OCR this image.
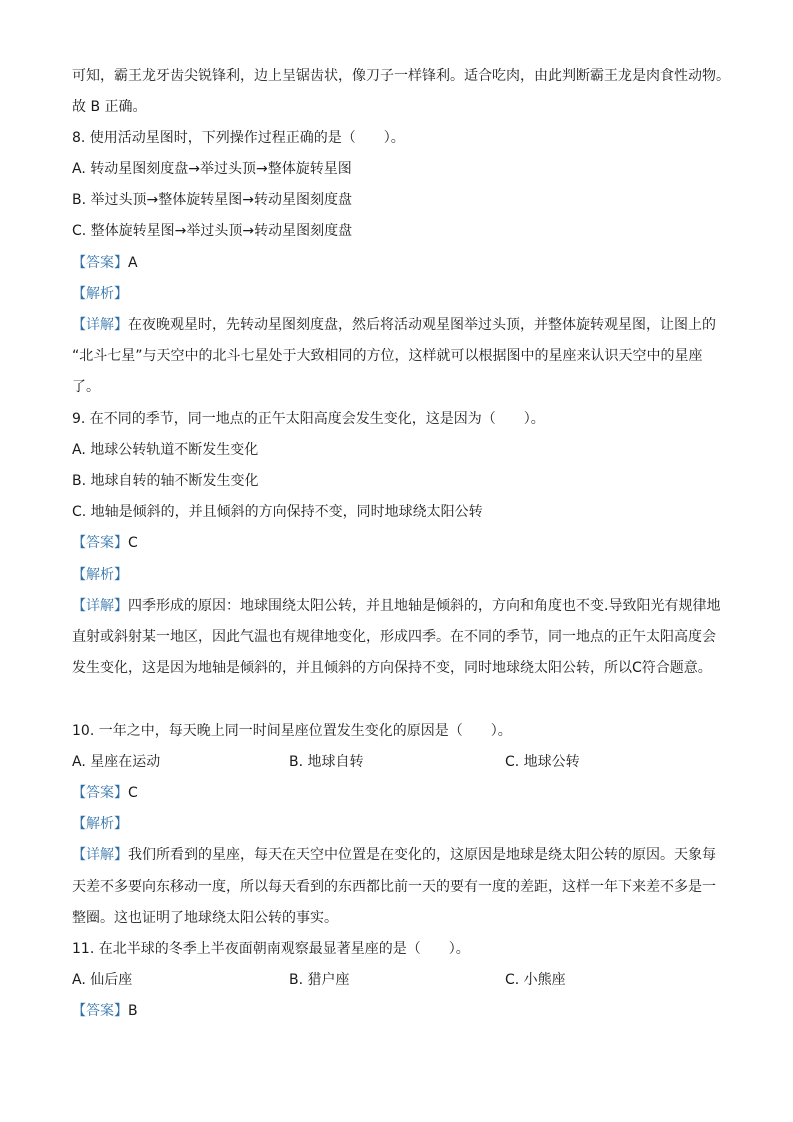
可知，霸王龙牙齿尖锐锋利，边上呈锯齿状，像刀子一样锋利。适合吃肉，由此判断霸王龙是肉食性动物。
故 B 正确。
8. 使用活动星图时，下列操作过程正确的是（　　）。
A. 转动星图刻度盘→举过头顶→整体旋转星图
B. 举过头顶→整体旋转星图→转动星图刻度盘
C. 整体旋转星图→举过头顶→转动星图刻度盘
【答案】A
【解析】
【详解】在夜晚观星时，先转动星图刻度盘，然后将活动观星图举过头顶，并整体旋转观星图，让图上的
“北斗七星”与天空中的北斗七星处于大致相同的方位，这样就可以根据图中的星座来认识天空中的星座
了。
9. 在不同的季节，同一地点的正午太阳高度会发生变化，这是因为（　　）。
A. 地球公转轨道不断发生变化
B. 地球自转的轴不断发生变化
C. 地轴是倾斜的，并且倾斜的方向保持不变，同时地球绕太阳公转
【答案】C
【解析】
【详解】四季形成的原因：地球围绕太阳公转，并且地轴是倾斜的，方向和角度也不变.导致阳光有规律地
直射或斜射某一地区，因此气温也有规律地变化，形成四季。在不同的季节，同一地点的正午太阳高度会
发生变化，这是因为地轴是倾斜的，并且倾斜的方向保持不变，同时地球绕太阳公转，所以C符合题意。
10. 一年之中，每天晚上同一时间星座位置发生变化的原因是（　　）。
A. 星座在运动	B. 地球自转	C. 地球公转
【答案】C
【解析】
【详解】我们所看到的星座，每天在天空中位置是在变化的，这原因是地球是绕太阳公转的原因。天象每
天差不多要向东移动一度，所以每天看到的东西都比前一天的要有一度的差距，这样一年下来差不多是一
整圈。这也证明了地球绕太阳公转的事实。
11. 在北半球的冬季上半夜面朝南观察最显著星座的是（　　）。
A. 仙后座	B. 猎户座	C. 小熊座
【答案】B
